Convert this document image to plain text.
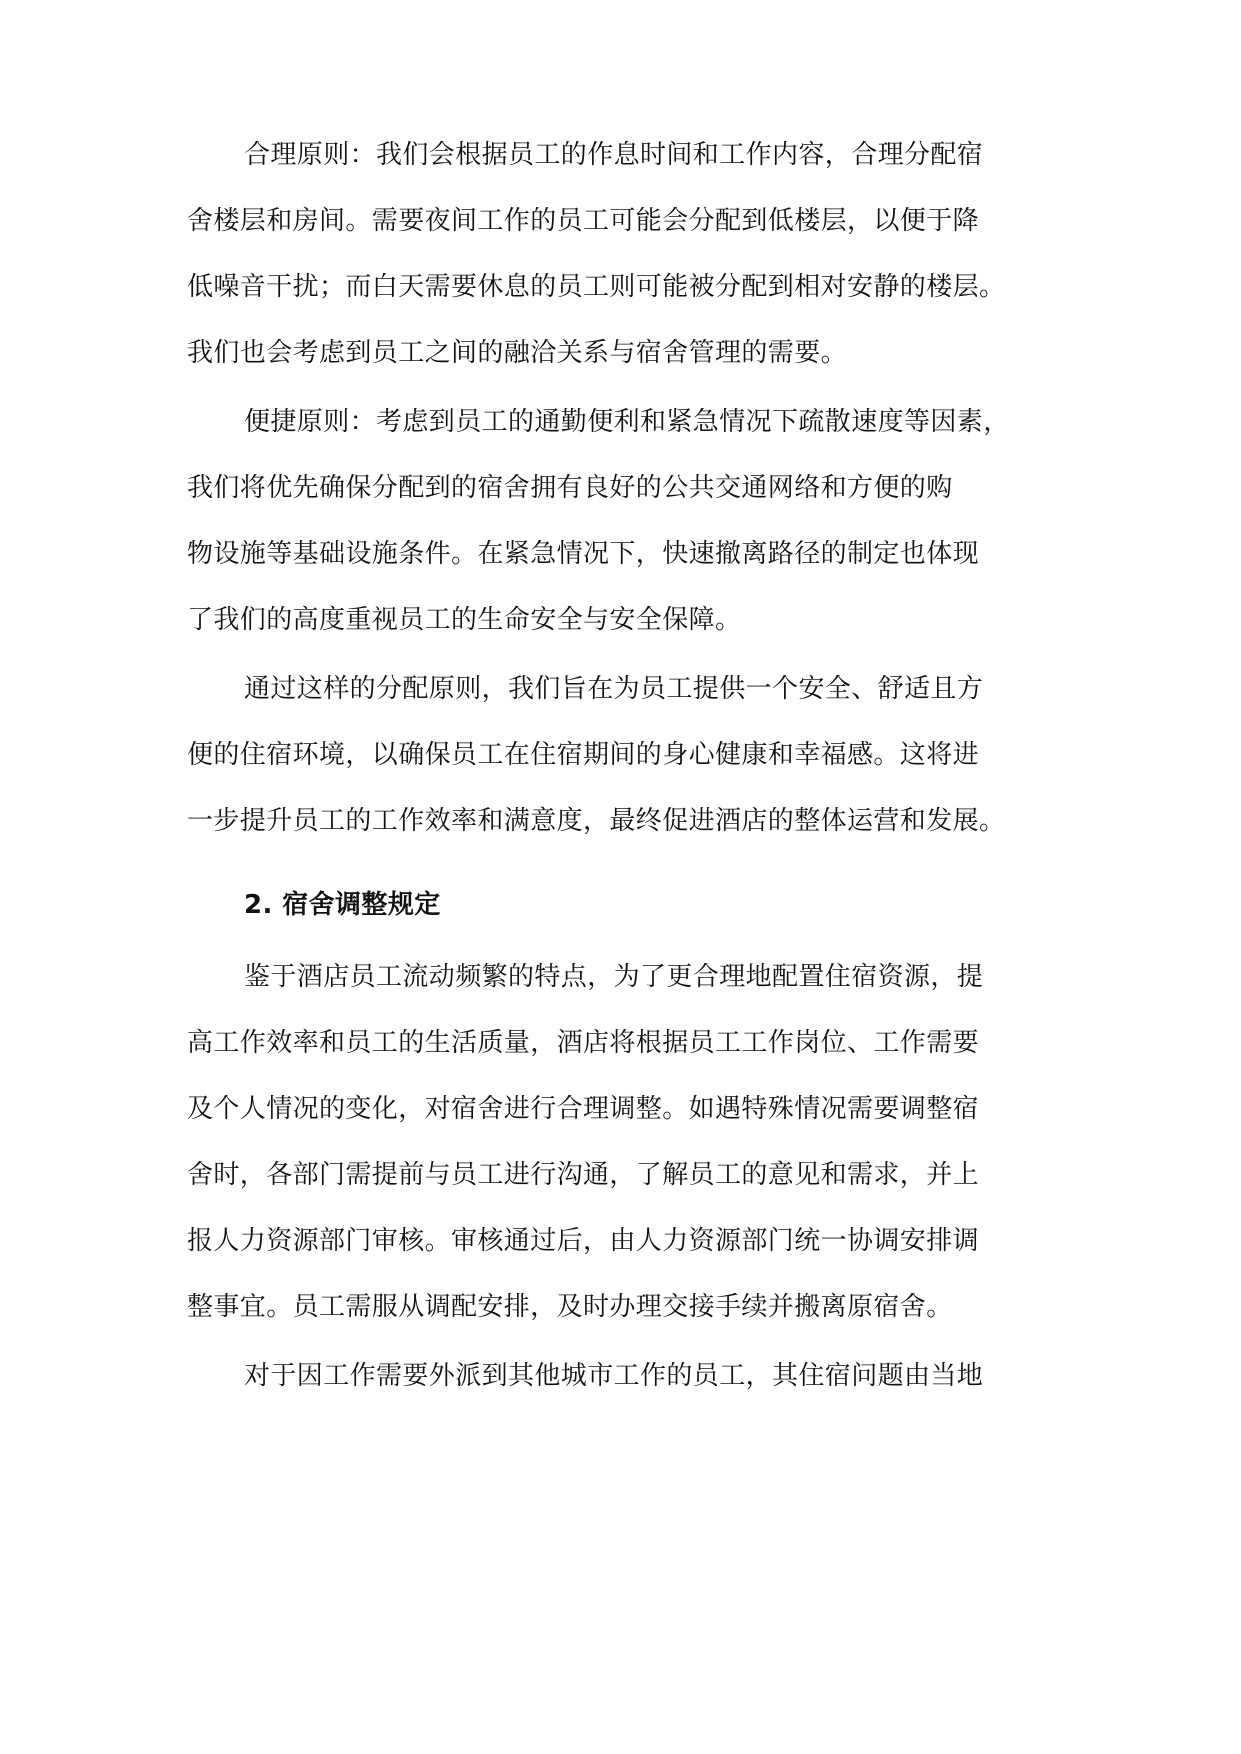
合理原则：我们会根据员工的作息时间和工作内容，合理分配宿
舍楼层和房间。需要夜间工作的员工可能会分配到低楼层，以便于降
低噪音干扰；而白天需要休息的员工则可能被分配到相对安静的楼层。
我们也会考虑到员工之间的融洽关系与宿舍管理的需要。
便捷原则：考虑到员工的通勤便利和紧急情况下疏散速度等因素，
我们将优先确保分配到的宿舍拥有良好的公共交通网络和方便的购
物设施等基础设施条件。在紧急情况下，快速撤离路径的制定也体现
了我们的高度重视员工的生命安全与安全保障。
通过这样的分配原则，我们旨在为员工提供一个安全、舒适且方
便的住宿环境，以确保员工在住宿期间的身心健康和幸福感。这将进
一步提升员工的工作效率和满意度，最终促进酒店的整体运营和发展。
2. 宿舍调整规定
鉴于酒店员工流动频繁的特点，为了更合理地配置住宿资源，提
高工作效率和员工的生活质量，酒店将根据员工工作岗位、工作需要
及个人情况的变化，对宿舍进行合理调整。如遇特殊情况需要调整宿
舍时，各部门需提前与员工进行沟通，了解员工的意见和需求，并上
报人力资源部门审核。审核通过后，由人力资源部门统一协调安排调
整事宜。员工需服从调配安排，及时办理交接手续并搬离原宿舍。
对于因工作需要外派到其他城市工作的员工，其住宿问题由当地
